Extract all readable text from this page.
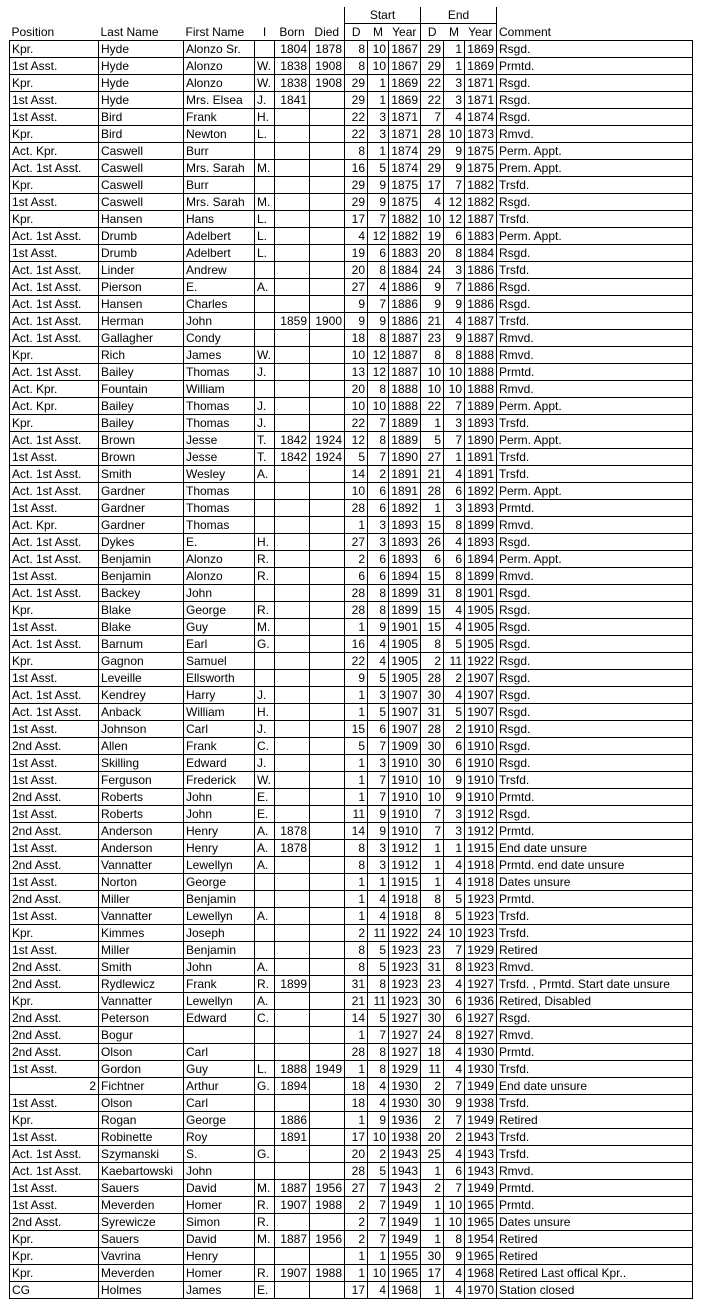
						Start			End			
Position	Last Name	First Name	I	Born	Died	D	M	Year	D	M	Year	Comment
Kpr.	Hyde	Alonzo Sr.		1804	1878	8	10	1867	29	1	1869	Rsgd.
1st Asst.	Hyde	Alonzo	W.	1838	1908	8	10	1867	29	1	1869	Prmtd.
Kpr.	Hyde	Alonzo	W.	1838	1908	29	1	1869	22	3	1871	Rsgd.
1st Asst.	Hyde	Mrs. Elsea	J.	1841		29	1	1869	22	3	1871	Rsgd.
1st Asst.	Bird	Frank	H.			22	3	1871	7	4	1874	Rsgd.
Kpr.	Bird	Newton	L.			22	3	1871	28	10	1873	Rmvd.
Act. Kpr.	Caswell	Burr				8	1	1874	29	9	1875	Perm. Appt.
Act. 1st Asst.	Caswell	Mrs. Sarah	M.			16	5	1874	29	9	1875	Prem. Appt.
Kpr.	Caswell	Burr				29	9	1875	17	7	1882	Trsfd.
1st Asst.	Caswell	Mrs. Sarah	M.			29	9	1875	4	12	1882	Rsgd.
Kpr.	Hansen	Hans	L.			17	7	1882	10	12	1887	Trsfd.
Act. 1st Asst.	Drumb	Adelbert	L.			4	12	1882	19	6	1883	Perm. Appt.
1st Asst.	Drumb	Adelbert	L.			19	6	1883	20	8	1884	Rsgd.
Act. 1st Asst.	Linder	Andrew				20	8	1884	24	3	1886	Trsfd.
Act. 1st Asst.	Pierson	E.	A.			27	4	1886	9	7	1886	Rsgd.
Act. 1st Asst.	Hansen	Charles				9	7	1886	9	9	1886	Rsgd.
Act. 1st Asst.	Herman	John		1859	1900	9	9	1886	21	4	1887	Trsfd.
Act. 1st Asst.	Gallagher	Condy				18	8	1887	23	9	1887	Rmvd.
Kpr.	Rich	James	W.			10	12	1887	8	8	1888	Rmvd.
Act. 1st Asst.	Bailey	Thomas	J.			13	12	1887	10	10	1888	Prmtd.
Act. Kpr.	Fountain	William				20	8	1888	10	10	1888	Rmvd.
Act. Kpr.	Bailey	Thomas	J.			10	10	1888	22	7	1889	Perm. Appt.
Kpr.	Bailey	Thomas	J.			22	7	1889	1	3	1893	Trsfd.
Act. 1st Asst.	Brown	Jesse	T.	1842	1924	12	8	1889	5	7	1890	Perm. Appt.
1st Asst.	Brown	Jesse	T.	1842	1924	5	7	1890	27	1	1891	Trsfd.
Act. 1st Asst.	Smith	Wesley	A.			14	2	1891	21	4	1891	Trsfd.
Act. 1st Asst.	Gardner	Thomas				10	6	1891	28	6	1892	Perm. Appt.
1st Asst.	Gardner	Thomas				28	6	1892	1	3	1893	Prmtd.
Act. Kpr.	Gardner	Thomas				1	3	1893	15	8	1899	Rmvd.
Act. 1st Asst.	Dykes	E.	H.			27	3	1893	26	4	1893	Rsgd.
Act. 1st Asst.	Benjamin	Alonzo	R.			2	6	1893	6	6	1894	Perm. Appt.
1st Asst.	Benjamin	Alonzo	R.			6	6	1894	15	8	1899	Rmvd.
Act. 1st Asst.	Backey	John				28	8	1899	31	8	1901	Rsgd.
Kpr.	Blake	George	R.			28	8	1899	15	4	1905	Rsgd.
1st Asst.	Blake	Guy	M.			1	9	1901	15	4	1905	Rsgd.
Act. 1st Asst.	Barnum	Earl	G.			16	4	1905	8	5	1905	Rsgd.
Kpr.	Gagnon	Samuel				22	4	1905	2	11	1922	Rsgd.
1st Asst.	Leveille	Ellsworth				9	5	1905	28	2	1907	Rsgd.
Act. 1st Asst.	Kendrey	Harry	J.			1	3	1907	30	4	1907	Rsgd.
Act. 1st Asst.	Anback	William	H.			1	5	1907	31	5	1907	Rsgd.
1st Asst.	Johnson	Carl	J.			15	6	1907	28	2	1910	Rsgd.
2nd Asst.	Allen	Frank	C.			5	7	1909	30	6	1910	Rsgd.
1st Asst.	Skilling	Edward	J.			1	3	1910	30	6	1910	Rsgd.
1st Asst.	Ferguson	Frederick	W.			1	7	1910	10	9	1910	Trsfd.
2nd Asst.	Roberts	John	E.			1	7	1910	10	9	1910	Prmtd.
1st Asst.	Roberts	John	E.			11	9	1910	7	3	1912	Rsgd.
2nd Asst.	Anderson	Henry	A.	1878		14	9	1910	7	3	1912	Prmtd.
1st Asst.	Anderson	Henry	A.	1878		8	3	1912	1	1	1915	End date unsure
2nd Asst.	Vannatter	Lewellyn	A.			8	3	1912	1	4	1918	Prmtd. end date unsure
1st Asst.	Norton	George				1	1	1915	1	4	1918	Dates unsure
2nd Asst.	Miller	Benjamin				1	4	1918	8	5	1923	Prmtd.
1st Asst.	Vannatter	Lewellyn	A.			1	4	1918	8	5	1923	Trsfd.
Kpr.	Kimmes	Joseph				2	11	1922	24	10	1923	Trsfd.
1st Asst.	Miller	Benjamin				8	5	1923	23	7	1929	Retired
2nd Asst.	Smith	John	A.			8	5	1923	31	8	1923	Rmvd.
2nd Asst.	Rydlewicz	Frank	R.	1899		31	8	1923	23	4	1927	Trsfd. , Prmtd. Start date unsure
Kpr.	Vannatter	Lewellyn	A.			21	11	1923	30	6	1936	Retired, Disabled
2nd Asst.	Peterson	Edward	C.			14	5	1927	30	6	1927	Rsgd.
2nd Asst.	Bogur					1	7	1927	24	8	1927	Rmvd.
2nd Asst.	Olson	Carl				28	8	1927	18	4	1930	Prmtd.
1st Asst.	Gordon	Guy	L.	1888	1949	1	8	1929	11	4	1930	Trsfd.
2	Fichtner	Arthur	G.	1894		18	4	1930	2	7	1949	End date unsure
1st Asst.	Olson	Carl				18	4	1930	30	9	1938	Trsfd.
Kpr.	Rogan	George		1886		1	9	1936	2	7	1949	Retired
1st Asst.	Robinette	Roy		1891		17	10	1938	20	2	1943	Trsfd.
Act. 1st Asst.	Szymanski	S.	G.			20	2	1943	25	4	1943	Trsfd.
Act. 1st Asst.	Kaebartowski	John				28	5	1943	1	6	1943	Rmvd.
1st Asst.	Sauers	David	M.	1887	1956	27	7	1943	2	7	1949	Prmtd.
1st Asst.	Meverden	Homer	R.	1907	1988	2	7	1949	1	10	1965	Prmtd.
2nd Asst.	Syrewicze	Simon	R.			2	7	1949	1	10	1965	Dates unsure
Kpr.	Sauers	David	M.	1887	1956	2	7	1949	1	8	1954	Retired
Kpr.	Vavrina	Henry				1	1	1955	30	9	1965	Retired
Kpr.	Meverden	Homer	R.	1907	1988	1	10	1965	17	4	1968	Retired Last offical Kpr..
CG	Holmes	James	E.			17	4	1968	1	4	1970	Station closed
